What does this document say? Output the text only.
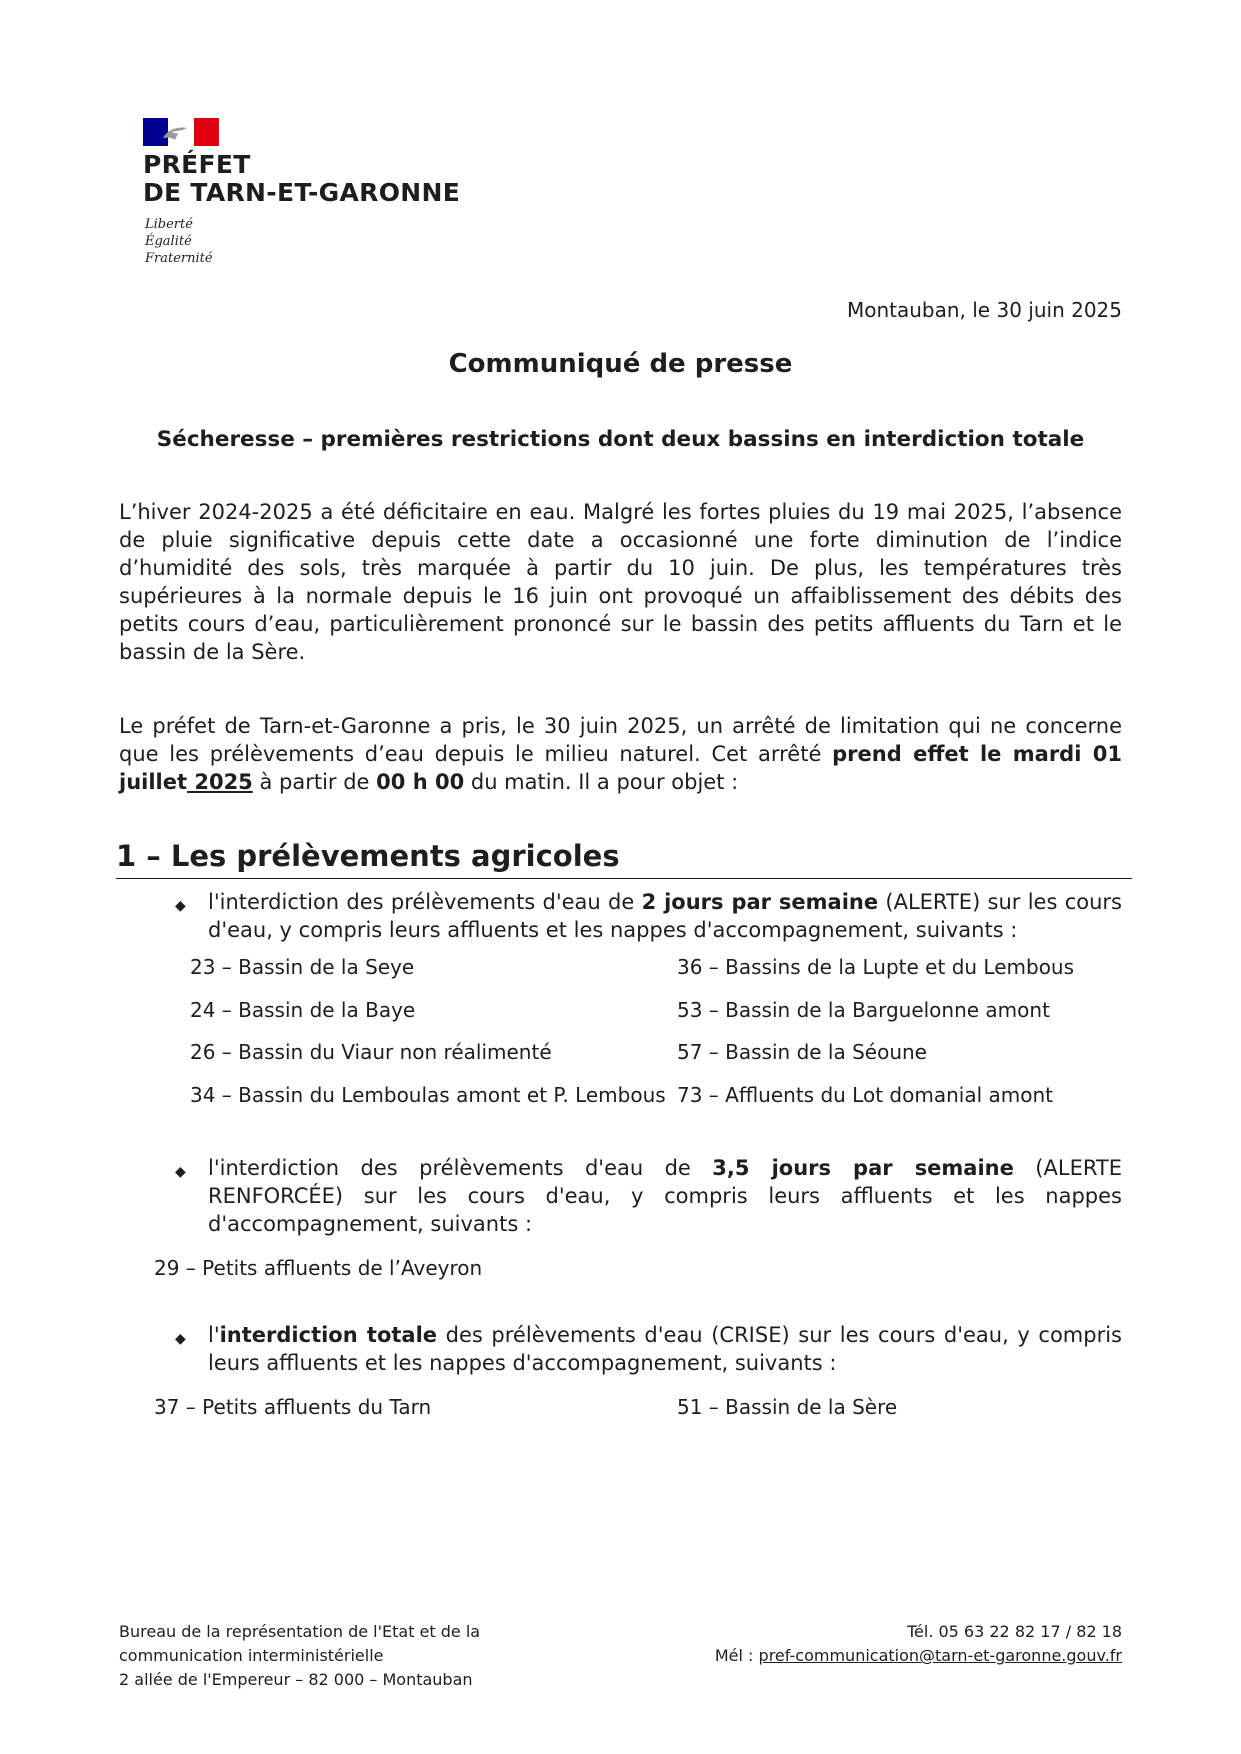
PRÉFET
DE TARN-ET-GARONNE
Liberté
Égalité
Fraternité
Montauban, le 30 juin 2025
Communiqué de presse
Sécheresse – premières restrictions dont deux bassins en interdiction totale
L’hiver 2024-2025 a été déficitaire en eau. Malgré les fortes pluies du 19 mai 2025, l’absence de pluie significative depuis cette date a occasionné une forte diminution de l’indice d’humidité des sols, très marquée à partir du 10 juin. De plus, les températures très supérieures à la normale depuis le 16 juin ont provoqué un affaiblissement des débits des petits cours d’eau, particulièrement prononcé sur le bassin des petits affluents du Tarn et le bassin de la Sère.
Le préfet de Tarn-et-Garonne a pris, le 30 juin 2025, un arrêté de limitation qui ne concerne que les prélèvements d’eau depuis le milieu naturel. Cet arrêté prend effet le mardi 01 juillet 2025 à partir de 00 h 00 du matin. Il a pour objet :
1 – Les prélèvements agricoles
◆ l'interdiction des prélèvements d'eau de 2 jours par semaine (ALERTE) sur les cours d'eau, y compris leurs affluents et les nappes d'accompagnement, suivants :
23 – Bassin de la Seye
24 – Bassin de la Baye
26 – Bassin du Viaur non réalimenté
34 – Bassin du Lemboulas amont et P. Lembous
36 – Bassins de la Lupte et du Lembous
53 – Bassin de la Barguelonne amont
57 – Bassin de la Séoune
73 – Affluents du Lot domanial amont
◆ l'interdiction des prélèvements d'eau de 3,5 jours par semaine (ALERTE RENFORCÉE) sur les cours d'eau, y compris leurs affluents et les nappes d'accompagnement, suivants :
29 – Petits affluents de l’Aveyron
◆ l'interdiction totale des prélèvements d'eau (CRISE) sur les cours d'eau, y compris leurs affluents et les nappes d'accompagnement, suivants :
37 – Petits affluents du Tarn	51 – Bassin de la Sère
Bureau de la représentation de l'Etat et de la
communication interministérielle
2 allée de l'Empereur – 82 000 – Montauban
Tél. 05 63 22 82 17 / 82 18
Mél : pref-communication@tarn-et-garonne.gouv.fr
